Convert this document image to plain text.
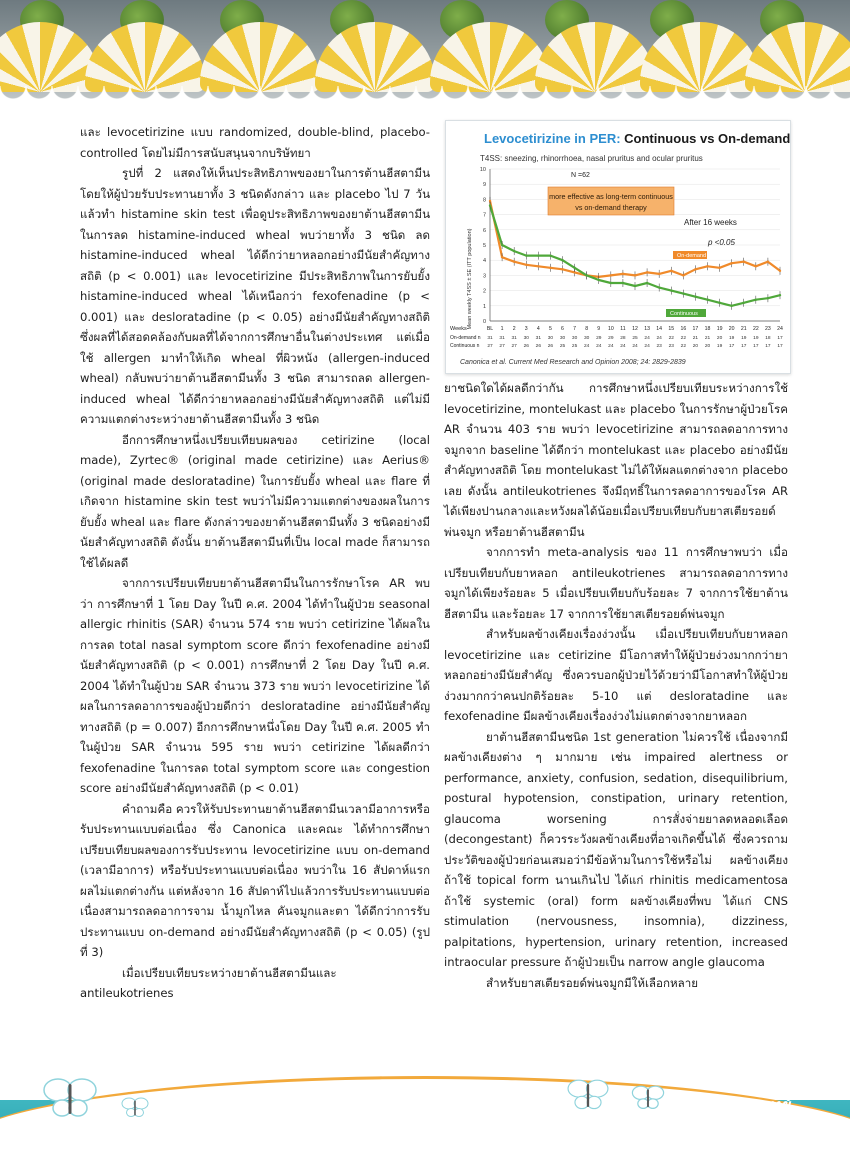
และ levocetirizine แบบ randomized, double-blind, placebo-controlled โดยไม่มีการสนับสนุนจากบริษัทยา

รูปที่ 2 แสดงให้เห็นประสิทธิภาพของยาในการต้านฮีสตามีน โดยให้ผู้ป่วยรับประทานยาทั้ง 3 ชนิดดังกล่าว และ placebo ไป 7 วัน แล้วทำ histamine skin test เพื่อดูประสิทธิภาพของยาต้านฮีสตามีน ในการลด histamine-induced wheal พบว่ายาทั้ง 3 ชนิด ลด histamine-induced wheal ได้ดีกว่ายาหลอกอย่างมีนัยสำคัญทางสถิติ (p < 0.001) และ levocetirizine มีประสิทธิภาพในการยับยั้ง histamine-induced wheal ได้เหนือกว่า fexofenadine (p < 0.001) และ desloratadine (p < 0.05) อย่างมีนัยสำคัญทางสถิติ ซึ่งผลที่ได้สอดคล้องกับผลที่ได้จากการศึกษาอื่นในต่างประเทศ แต่เมื่อใช้ allergen มาทำให้เกิด wheal ที่ผิวหนัง (allergen-induced wheal) กลับพบว่ายาต้านฮีสตามีนทั้ง 3 ชนิด สามารถลด allergen-induced wheal ได้ดีกว่ายาหลอกอย่างมีนัยสำคัญทางสถิติ แต่ไม่มีความแตกต่างระหว่างยาต้านฮีสตามีนทั้ง 3 ชนิด

อีกการศึกษาหนึ่งเปรียบเทียบผลของ cetirizine (local made), Zyrtec® (original made cetirizine) และ Aerius® (original made desloratadine) ในการยับยั้ง wheal และ flare ที่เกิดจาก histamine skin test พบว่าไม่มีความแตกต่างของผลในการยับยั้ง wheal และ flare ดังกล่าวของยาต้านฮีสตามีนทั้ง 3 ชนิดอย่างมีนัยสำคัญทางสถิติ ดังนั้น ยาต้านฮีสตามีนที่เป็น local made ก็สามารถใช้ได้ผลดี

จากการเปรียบเทียบยาต้านฮีสตามีนในการรักษาโรค AR พบว่า การศึกษาที่ 1 โดย Day ในปี ค.ศ. 2004 ได้ทำในผู้ป่วย seasonal allergic rhinitis (SAR) จำนวน 574 ราย พบว่า cetirizine ได้ผลในการลด total nasal symptom score ดีกว่า fexofenadine อย่างมีนัยสำคัญทางสถิติ (p < 0.001) การศึกษาที่ 2 โดย Day ในปี ค.ศ. 2004 ได้ทำในผู้ป่วย SAR จำนวน 373 ราย พบว่า levocetirizine ได้ผลในการลดอาการของผู้ป่วยดีกว่า desloratadine อย่างมีนัยสำคัญทางสถิติ (p = 0.007) อีกการศึกษาหนึ่งโดย Day ในปี ค.ศ. 2005 ทำในผู้ป่วย SAR จำนวน 595 ราย พบว่า cetirizine ได้ผลดีกว่า fexofenadine ในการลด total symptom score และ congestion score อย่างมีนัยสำคัญทางสถิติ (p < 0.01)

คำถามคือ ควรให้รับประทานยาต้านฮีสตามีนเวลามีอาการหรือรับประทานแบบต่อเนื่อง ซึ่ง Canonica และคณะ ได้ทำการศึกษาเปรียบเทียบผลของการรับประทาน levocetirizine แบบ on-demand (เวลามีอาการ) หรือรับประทานแบบต่อเนื่อง พบว่าใน 16 สัปดาห์แรก ผลไม่แตกต่างกัน แต่หลังจาก 16 สัปดาห์ไปแล้วการรับประทานแบบต่อเนื่องสามารถลดอาการจาม น้ำมูกไหล คันจมูกและตา ได้ดีกว่าการรับประทานแบบ on-demand อย่างมีนัยสำคัญทางสถิติ (p < 0.05) (รูปที่ 3)

เมื่อเปรียบเทียบระหว่างยาต้านฮีสตามีนและ antileukotrienes

Levocetirizine in PER: Continuous vs On-demand
T4SS: sneezing, rhinorrhoea, nasal pruritus and ocular pruritus
Mean weekly T4SS ± SE (ITT population) 0
1
2
3
4
5
6
7
8
9
10
more effective as long-term continuous
vs on-demand therapy
N =62
After 16 weeks
p <0.05
On-demand
Continuous
Weeks
On-demand n
Continuous n
BL
31
27
1
31
27
2
31
27
3
30
26
4
31
26
5
30
26
6
30
25
7
30
25
8
30
24
9
29
24
10
29
24
11
28
24
12
25
24
13
24
24
14
24
23
15
22
23
16
22
22
17
21
20
18
21
20
19
20
19
20
19
17
21
19
17
22
19
17
23
18
17
24
17
17
Canonica et al. Current Med Research and Opinion 2008; 24: 2829-2839

ยาชนิดใดได้ผลดีกว่ากัน การศึกษาหนึ่งเปรียบเทียบระหว่างการใช้ levocetirizine, montelukast และ placebo ในการรักษาผู้ป่วยโรค AR จำนวน 403 ราย พบว่า levocetirizine สามารถลดอาการทางจมูกจาก baseline ได้ดีกว่า montelukast และ placebo อย่างมีนัยสำคัญทางสถิติ โดย montelukast ไม่ได้ให้ผลแตกต่างจาก placebo เลย ดังนั้น antileukotrienes จึงมีฤทธิ์ในการลดอาการของโรค AR ได้เพียงปานกลางและหวังผลได้น้อยเมื่อเปรียบเทียบกับยาสเตียรอยด์พ่นจมูก หรือยาต้านฮีสตามีน

จากการทำ meta-analysis ของ 11 การศึกษาพบว่า เมื่อเปรียบเทียบกับยาหลอก antileukotrienes สามารถลดอาการทางจมูกได้เพียงร้อยละ 5 เมื่อเปรียบเทียบกับร้อยละ 7 จากการใช้ยาต้านฮีสตามีน และร้อยละ 17 จากการใช้ยาสเตียรอยด์พ่นจมูก

สำหรับผลข้างเคียงเรื่องง่วงนั้น เมื่อเปรียบเทียบกับยาหลอก levocetirizine และ cetirizine มีโอกาสทำให้ผู้ป่วยง่วงมากกว่ายาหลอกอย่างมีนัยสำคัญ ซึ่งควรบอกผู้ป่วยไว้ด้วยว่ามีโอกาสทำให้ผู้ป่วยง่วงมากกว่าคนปกติร้อยละ 5-10 แต่ desloratadine และ fexofenadine มีผลข้างเคียงเรื่องง่วงไม่แตกต่างจากยาหลอก

ยาต้านฮีสตามีนชนิด 1st generation ไม่ควรใช้ เนื่องจากมีผลข้างเคียงต่าง ๆ มากมาย เช่น impaired alertness or performance, anxiety, confusion, sedation, disequilibrium, postural hypotension, constipation, urinary retention, glaucoma worsening การสั่งจ่ายยาลดหลอดเลือด (decongestant) ก็ควรระวังผลข้างเคียงที่อาจเกิดขึ้นได้ ซึ่งควรถามประวัติของผู้ป่วยก่อนเสมอว่ามีข้อห้ามในการใช้หรือไม่ ผลข้างเคียง ถ้าใช้ topical form นานเกินไป ได้แก่ rhinitis medicamentosa ถ้าใช้ systemic (oral) form ผลข้างเคียงที่พบ ได้แก่ CNS stimulation (nervousness, insomnia), dizziness, palpitations, hypertension, urinary retention, increased intraocular pressure ถ้าผู้ป่วยเป็น narrow angle glaucoma

สำหรับยาสเตียรอยด์พ่นจมูกมีให้เลือกหลาย

Dการแพทย์
